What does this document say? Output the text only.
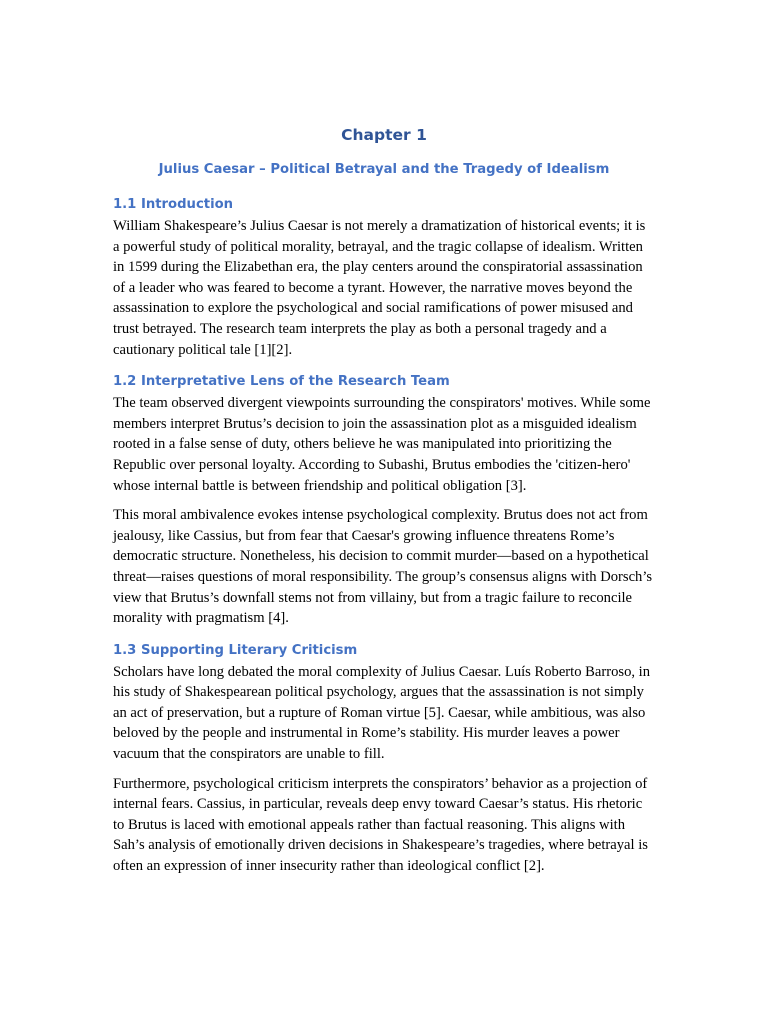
Chapter 1
Julius Caesar – Political Betrayal and the Tragedy of Idealism
1.1 Introduction

William Shakespeare’s Julius Caesar is not merely a dramatization of historical events; it is a powerful study of political morality, betrayal, and the tragic collapse of idealism. Written in 1599 during the Elizabethan era, the play centers around the conspiratorial assassination of a leader who was feared to become a tyrant. However, the narrative moves beyond the assassination to explore the psychological and social ramifications of power misused and trust betrayed. The research team interprets the play as both a personal tragedy and a cautionary political tale [1][2].

1.2 Interpretative Lens of the Research Team

The team observed divergent viewpoints surrounding the conspirators' motives. While some members interpret Brutus’s decision to join the assassination plot as a misguided idealism rooted in a false sense of duty, others believe he was manipulated into prioritizing the Republic over personal loyalty. According to Subashi, Brutus embodies the 'citizen-hero' whose internal battle is between friendship and political obligation [3].

This moral ambivalence evokes intense psychological complexity. Brutus does not act from jealousy, like Cassius, but from fear that Caesar's growing influence threatens Rome’s democratic structure. Nonetheless, his decision to commit murder—based on a hypothetical threat—raises questions of moral responsibility. The group’s consensus aligns with Dorsch’s view that Brutus’s downfall stems not from villainy, but from a tragic failure to reconcile morality with pragmatism [4].

1.3 Supporting Literary Criticism

Scholars have long debated the moral complexity of Julius Caesar. Luís Roberto Barroso, in his study of Shakespearean political psychology, argues that the assassination is not simply an act of preservation, but a rupture of Roman virtue [5]. Caesar, while ambitious, was also beloved by the people and instrumental in Rome’s stability. His murder leaves a power vacuum that the conspirators are unable to fill.

Furthermore, psychological criticism interprets the conspirators’ behavior as a projection of internal fears. Cassius, in particular, reveals deep envy toward Caesar’s status. His rhetoric to Brutus is laced with emotional appeals rather than factual reasoning. This aligns with Sah’s analysis of emotionally driven decisions in Shakespeare’s tragedies, where betrayal is often an expression of inner insecurity rather than ideological conflict [2].
